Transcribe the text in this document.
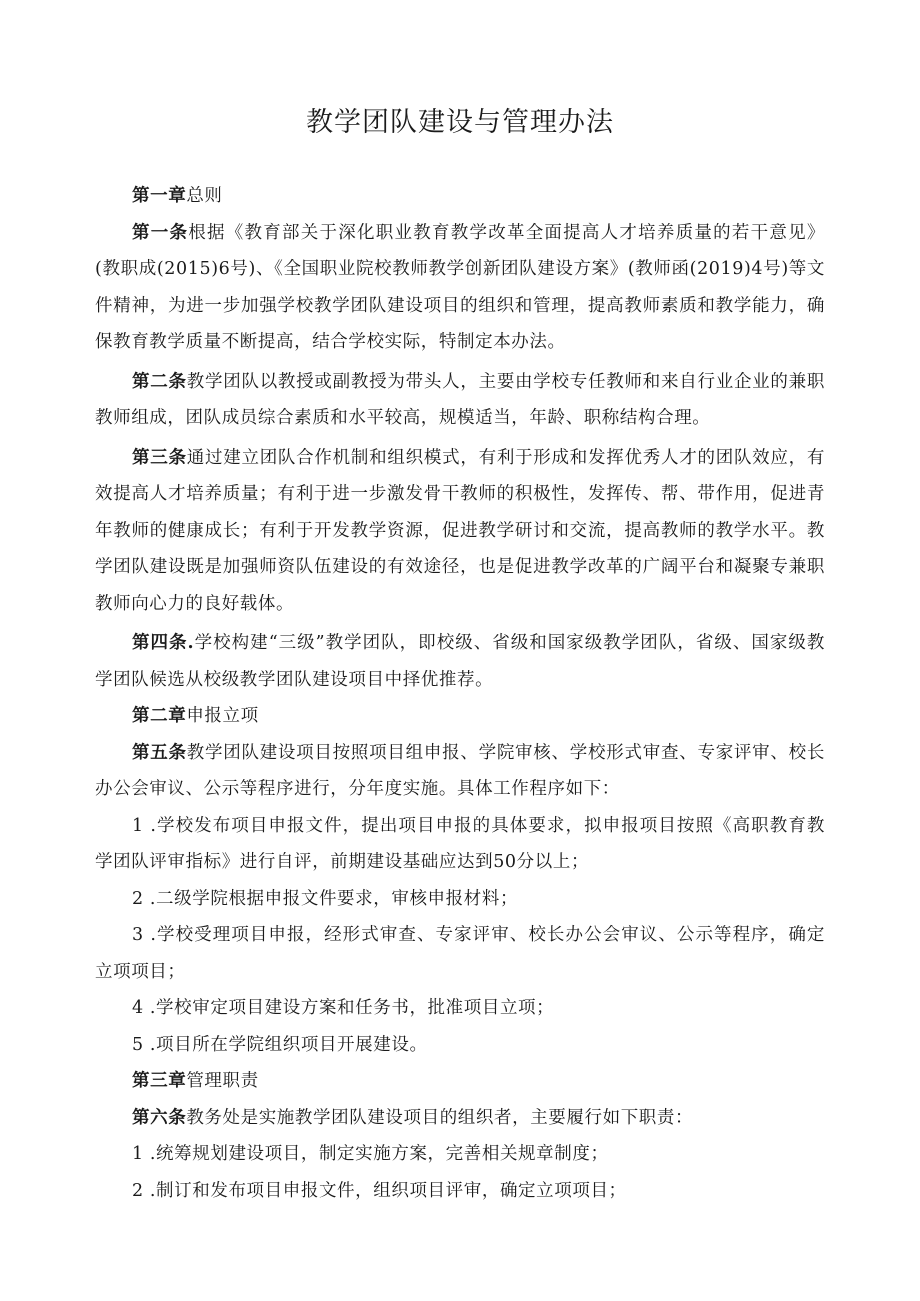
教学团队建设与管理办法

第一章总则

第一条根据《教育部关于深化职业教育教学改革全面提高人才培养质量的若干意见》(教职成(2015)6号)、《全国职业院校教师教学创新团队建设方案》(教师函(2019)4号)等文件精神，为进一步加强学校教学团队建设项目的组织和管理，提高教师素质和教学能力，确保教育教学质量不断提高，结合学校实际，特制定本办法。

第二条教学团队以教授或副教授为带头人，主要由学校专任教师和来自行业企业的兼职教师组成，团队成员综合素质和水平较高，规模适当，年龄、职称结构合理。

第三条通过建立团队合作机制和组织模式，有利于形成和发挥优秀人才的团队效应，有效提高人才培养质量；有利于进一步激发骨干教师的积极性，发挥传、帮、带作用，促进青年教师的健康成长；有利于开发教学资源，促进教学研讨和交流，提高教师的教学水平。教学团队建设既是加强师资队伍建设的有效途径，也是促进教学改革的广阔平台和凝聚专兼职教师向心力的良好载体。

第四条.学校构建“三级”教学团队，即校级、省级和国家级教学团队，省级、国家级教学团队候选从校级教学团队建设项目中择优推荐。

第二章申报立项

第五条教学团队建设项目按照项目组申报、学院审核、学校形式审查、专家评审、校长办公会审议、公示等程序进行，分年度实施。具体工作程序如下：

1 .学校发布项目申报文件，提出项目申报的具体要求，拟申报项目按照《高职教育教学团队评审指标》进行自评，前期建设基础应达到50分以上；

2 .二级学院根据申报文件要求，审核申报材料；

3 .学校受理项目申报，经形式审查、专家评审、校长办公会审议、公示等程序，确定立项项目；

4 .学校审定项目建设方案和任务书，批准项目立项；

5 .项目所在学院组织项目开展建设。

第三章管理职责

第六条教务处是实施教学团队建设项目的组织者，主要履行如下职责：

1 .统筹规划建设项目，制定实施方案，完善相关规章制度；

2 .制订和发布项目申报文件，组织项目评审，确定立项项目；
